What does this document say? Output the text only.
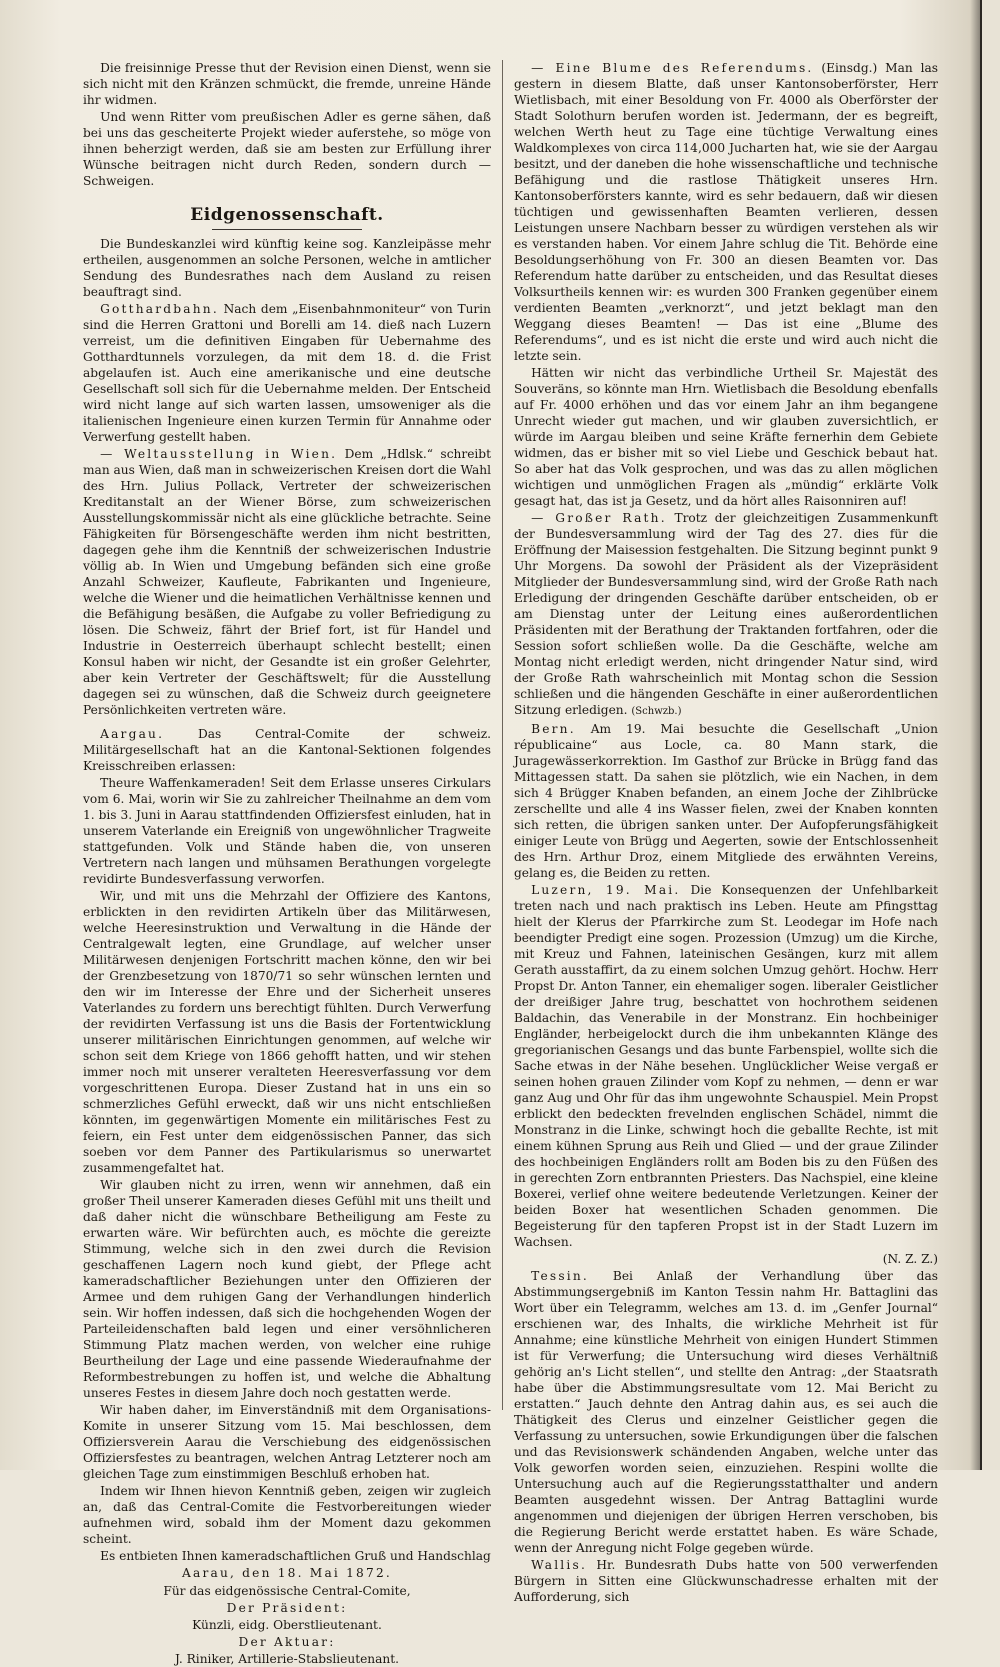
Die freisinnige Presse thut der Revision einen Dienst, wenn sie sich nicht mit den Kränzen schmückt, die fremde, unreine Hände ihr widmen.

Und wenn Ritter vom preußischen Adler es gerne sähen, daß bei uns das gescheiterte Projekt wieder auferstehe, so möge von ihnen beherzigt werden, daß sie am besten zur Erfüllung ihrer Wünsche beitragen nicht durch Reden, sondern durch — Schweigen.

Eidgenossenschaft.

Die Bundeskanzlei wird künftig keine sog. Kanzleipässe mehr ertheilen, ausgenommen an solche Personen, welche in amtlicher Sendung des Bundesrathes nach dem Ausland zu reisen beauftragt sind.

Gotthardbahn. Nach dem „Eisenbahnmoniteur“ von Turin sind die Herren Grattoni und Borelli am 14. dieß nach Luzern verreist, um die definitiven Eingaben für Uebernahme des Gotthardtunnels vorzulegen, da mit dem 18. d. die Frist abgelaufen ist. Auch eine amerikanische und eine deutsche Gesellschaft soll sich für die Uebernahme melden. Der Entscheid wird nicht lange auf sich warten lassen, umsoweniger als die italienischen Ingenieure einen kurzen Termin für Annahme oder Verwerfung gestellt haben.

— Weltausstellung in Wien. Dem „Hdlsk.“ schreibt man aus Wien, daß man in schweizerischen Kreisen dort die Wahl des Hrn. Julius Pollack, Vertreter der schweizerischen Kreditanstalt an der Wiener Börse, zum schweizerischen Ausstellungskommissär nicht als eine glückliche betrachte. Seine Fähigkeiten für Börsengeschäfte werden ihm nicht bestritten, dagegen gehe ihm die Kenntniß der schweizerischen Industrie völlig ab. In Wien und Umgebung befänden sich eine große Anzahl Schweizer, Kaufleute, Fabrikanten und Ingenieure, welche die Wiener und die heimatlichen Verhältnisse kennen und die Befähigung besäßen, die Aufgabe zu voller Befriedigung zu lösen. Die Schweiz, fährt der Brief fort, ist für Handel und Industrie in Oesterreich überhaupt schlecht bestellt; einen Konsul haben wir nicht, der Gesandte ist ein großer Gelehrter, aber kein Vertreter der Geschäftswelt; für die Ausstellung dagegen sei zu wünschen, daß die Schweiz durch geeignetere Persönlichkeiten vertreten wäre.

Aargau.	Das Central-Comite der schweiz. Militärgesellschaft hat an die Kantonal-Sektionen folgendes Kreisschreiben erlassen:

Theure Waffenkameraden! Seit dem Erlasse unseres Cirkulars vom 6. Mai, worin wir Sie zu zahlreicher Theilnahme an dem vom 1. bis 3. Juni in Aarau stattfindenden Offiziersfest einluden, hat in unserem Vaterlande ein Ereigniß von ungewöhnlicher Tragweite stattgefunden. Volk und Stände haben die, von unseren Vertretern nach langen und mühsamen Berathungen vorgelegte revidirte Bundesverfassung verworfen.

Wir, und mit uns die Mehrzahl der Offiziere des Kantons, erblickten in den revidirten Artikeln über das Militärwesen, welche Heeresinstruktion und Verwaltung in die Hände der Centralgewalt legten, eine Grundlage, auf welcher unser Militärwesen denjenigen Fortschritt machen könne, den wir bei der Grenzbesetzung von 1870/71 so sehr wünschen lernten und den wir im Interesse der Ehre und der Sicherheit unseres Vaterlandes zu fordern uns berechtigt fühlten. Durch Verwerfung der revidirten Verfassung ist uns die Basis der Fortentwicklung unserer militärischen Einrichtungen genommen, auf welche wir schon seit dem Kriege von 1866 gehofft hatten, und wir stehen immer noch mit unserer veralteten Heeresverfassung vor dem vorgeschrittenen Europa. Dieser Zustand hat in uns ein so schmerzliches Gefühl erweckt, daß wir uns nicht entschließen könnten, im gegenwärtigen Momente ein militärisches Fest zu feiern, ein Fest unter dem eidgenössischen Panner, das sich soeben vor dem Panner des Partikularismus so unerwartet zusammengefaltet hat.

Wir glauben nicht zu irren, wenn wir annehmen, daß ein großer Theil unserer Kameraden dieses Gefühl mit uns theilt und daß daher nicht die wünschbare Betheiligung am Feste zu erwarten wäre. Wir befürchten auch, es möchte die gereizte Stimmung, welche sich in den zwei durch die Revision geschaffenen Lagern noch kund giebt, der Pflege acht kameradschaftlicher Beziehungen unter den Offizieren der Armee und dem ruhigen Gang der Verhandlungen hinderlich sein. Wir hoffen indessen, daß sich die hochgehenden Wogen der Parteileidenschaften bald legen und einer versöhnlicheren Stimmung Platz machen werden, von welcher eine ruhige Beurtheilung der Lage und eine passende Wiederaufnahme der Reformbestrebungen zu hoffen ist, und welche die Abhaltung unseres Festes in diesem Jahre doch noch gestatten werde.

Wir haben daher, im Einverständniß mit dem Organisations-Komite in unserer Sitzung vom 15. Mai beschlossen, dem Offiziersverein Aarau die Verschiebung des eidgenössischen Offiziersfestes zu beantragen, welchen Antrag Letzterer noch am gleichen Tage zum einstimmigen Beschluß erhoben hat.

Indem wir Ihnen hievon Kenntniß geben, zeigen wir zugleich an, daß das Central-Comite die Festvorbereitungen wieder aufnehmen wird, sobald ihm der Moment dazu gekommen scheint.

Es entbieten Ihnen kameradschaftlichen Gruß und Handschlag

Aarau, den 18. Mai 1872.

Für das eidgenössische Central-Comite,

Der Präsident:

Künzli, eidg. Oberstlieutenant.

Der Aktuar:

J. Riniker, Artillerie-Stabslieutenant.

— Eine Blume des Referendums. (Einsdg.) Man las gestern in diesem Blatte, daß unser Kantonsoberförster, Herr Wietlisbach, mit einer Besoldung von Fr. 4000 als Oberförster der Stadt Solothurn berufen worden ist. Jedermann, der es begreift, welchen Werth heut zu Tage eine tüchtige Verwaltung eines Waldkomplexes von circa 114,000 Jucharten hat, wie sie der Aargau besitzt, und der daneben die hohe wissenschaftliche und technische Befähigung und die rastlose Thätigkeit unseres Hrn. Kantonsoberförsters kannte, wird es sehr bedauern, daß wir diesen tüchtigen und gewissenhaften Beamten verlieren, dessen Leistungen unsere Nachbarn besser zu würdigen verstehen als wir es verstanden haben. Vor einem Jahre schlug die Tit. Behörde eine Besoldungserhöhung von Fr. 300 an diesen Beamten vor. Das Referendum hatte darüber zu entscheiden, und das Resultat dieses Volksurtheils kennen wir: es wurden 300 Franken gegenüber einem verdienten Beamten „verknorzt“, und jetzt beklagt man den Weggang dieses Beamten! — Das ist eine „Blume des Referendums“, und es ist nicht die erste und wird auch nicht die letzte sein.

Hätten wir nicht das verbindliche Urtheil Sr. Majestät des Souveräns, so könnte man Hrn. Wietlisbach die Besoldung ebenfalls auf Fr. 4000 erhöhen und das vor einem Jahr an ihm begangene Unrecht wieder gut machen, und wir glauben zuversichtlich, er würde im Aargau bleiben und seine Kräfte fernerhin dem Gebiete widmen, das er bisher mit so viel Liebe und Geschick bebaut hat. So aber hat das Volk gesprochen, und was das zu allen möglichen wichtigen und unmöglichen Fragen als „mündig“ erklärte Volk gesagt hat, das ist ja Gesetz, und da hört alles Raisonniren auf!

— Großer Rath. Trotz der gleichzeitigen Zusammenkunft der Bundesversammlung wird der Tag des 27. dies für die Eröffnung der Maisession festgehalten. Die Sitzung beginnt punkt 9 Uhr Morgens. Da sowohl der Präsident als der Vizepräsident Mitglieder der Bundesversammlung sind, wird der Große Rath nach Erledigung der dringenden Geschäfte darüber entscheiden, ob er am Dienstag unter der Leitung eines außerordentlichen Präsidenten mit der Berathung der Traktanden fortfahren, oder die Session sofort schließen wolle. Da die Geschäfte, welche am Montag nicht erledigt werden, nicht dringender Natur sind, wird der Große Rath wahrscheinlich mit Montag schon die Session schließen und die hängenden Geschäfte in einer außerordentlichen Sitzung erledigen. (Schwzb.)

Bern. Am 19. Mai besuchte die Gesellschaft „Union républicaine“ aus Locle, ca. 80 Mann stark, die Juragewässerkorrektion. Im Gasthof zur Brücke in Brügg fand das Mittagessen statt. Da sahen sie plötzlich, wie ein Nachen, in dem sich 4 Brügger Knaben befanden, an einem Joche der Zihlbrücke zerschellte und alle 4 ins Wasser fielen, zwei der Knaben konnten sich retten, die übrigen sanken unter. Der Aufopferungsfähigkeit einiger Leute von Brügg und Aegerten, sowie der Entschlossenheit des Hrn. Arthur Droz, einem Mitgliede des erwähnten Vereins, gelang es, die Beiden zu retten.

Luzern, 19. Mai. Die Konsequenzen der Unfehlbarkeit treten nach und nach praktisch ins Leben. Heute am Pfingsttag hielt der Klerus der Pfarrkirche zum St. Leodegar im Hofe nach beendigter Predigt eine sogen. Prozession (Umzug) um die Kirche, mit Kreuz und Fahnen, lateinischen Gesängen, kurz mit allem Gerath ausstaffirt, da zu einem solchen Umzug gehört. Hochw. Herr Propst Dr. Anton Tanner, ein ehemaliger sogen. liberaler Geistlicher der dreißiger Jahre trug, beschattet von hochrothem seidenen Baldachin, das Venerabile in der Monstranz. Ein hochbeiniger Engländer, herbeigelockt durch die ihm unbekannten Klänge des gregorianischen Gesangs und das bunte Farbenspiel, wollte sich die Sache etwas in der Nähe besehen. Unglücklicher Weise vergaß er seinen hohen grauen Zilinder vom Kopf zu nehmen, — denn er war ganz Aug und Ohr für das ihm ungewohnte Schauspiel. Mein Propst erblickt den bedeckten frevelnden englischen Schädel, nimmt die Monstranz in die Linke, schwingt hoch die geballte Rechte, ist mit einem kühnen Sprung aus Reih und Glied — und der graue Zilinder des hochbeinigen Engländers rollt am Boden bis zu den Füßen des in gerechten Zorn entbrannten Priesters. Das Nachspiel, eine kleine Boxerei, verlief ohne weitere bedeutende Verletzungen. Keiner der beiden Boxer hat wesentlichen Schaden genommen. Die Begeisterung für den tapferen Propst ist in der Stadt Luzern im Wachsen.

(N. Z. Z.)

Tessin. Bei Anlaß der Verhandlung über das Abstimmungsergebniß im Kanton Tessin nahm Hr. Battaglini das Wort über ein Telegramm, welches am 13. d. im „Genfer Journal“ erschienen war, des Inhalts, die wirkliche Mehrheit ist für Annahme; eine künstliche Mehrheit von einigen Hundert Stimmen ist für Verwerfung; die Untersuchung wird dieses Verhältniß gehörig an's Licht stellen“, und stellte den Antrag: „der Staatsrath habe über die Abstimmungsresultate vom 12. Mai Bericht zu erstatten.“ Jauch dehnte den Antrag dahin aus, es sei auch die Thätigkeit des Clerus und einzelner Geistlicher gegen die Verfassung zu untersuchen, sowie Erkundigungen über die falschen und das Revisionswerk schändenden Angaben, welche unter das Volk geworfen worden seien, einzuziehen. Respini wollte die Untersuchung auch auf die Regierungsstatthalter und andern Beamten ausgedehnt wissen. Der Antrag Battaglini wurde angenommen und diejenigen der übrigen Herren verschoben, bis die Regierung Bericht werde erstattet haben. Es wäre Schade, wenn der Anregung nicht Folge gegeben würde.

Wallis. Hr. Bundesrath Dubs hatte von 500 verwerfenden Bürgern in Sitten eine Glückwunschadresse erhalten mit der Aufforderung, sich
